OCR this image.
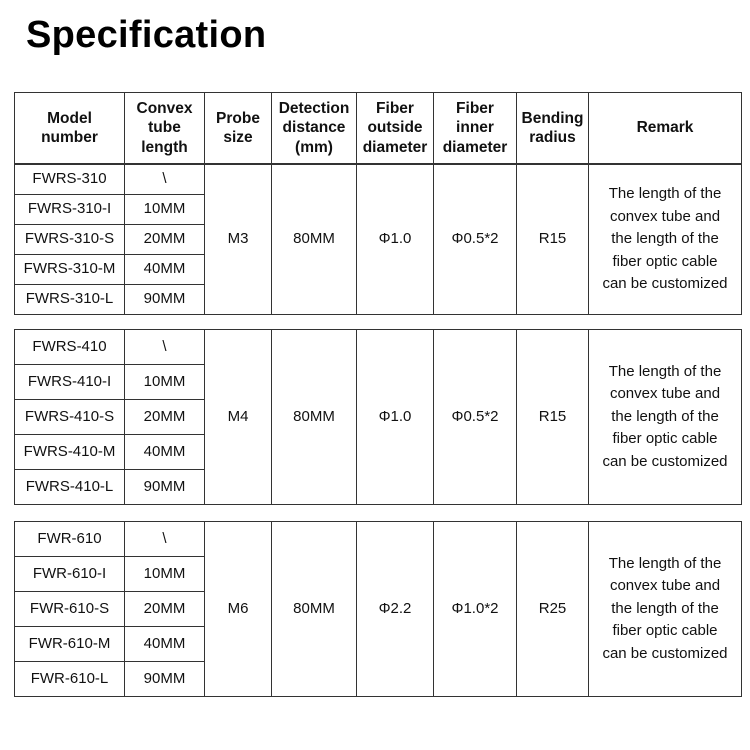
Specification
Model
number	Convex
tube
length	Probe
size	Detection
distance
(mm)	Fiber
outside
diameter	Fiber
inner
diameter	Bending
radius	Remark
FWRS-310	\	M3	80MM	Φ1.0	Φ0.5*2	R15	The length of the
convex tube and
the length of the
fiber optic cable
can be customized
FWRS-310-I	10MM						
FWRS-310-S	20MM						
FWRS-310-M	40MM						
FWRS-310-L	90MM						
FWRS-410	\	M4	80MM	Φ1.0	Φ0.5*2	R15	The length of the
convex tube and
the length of the
fiber optic cable
can be customized
FWRS-410-I	10MM						
FWRS-410-S	20MM						
FWRS-410-M	40MM						
FWRS-410-L	90MM						
FWR-610	\	M6	80MM	Φ2.2	Φ1.0*2	R25	The length of the
convex tube and
the length of the
fiber optic cable
can be customized
FWR-610-I	10MM						
FWR-610-S	20MM						
FWR-610-M	40MM						
FWR-610-L	90MM						
